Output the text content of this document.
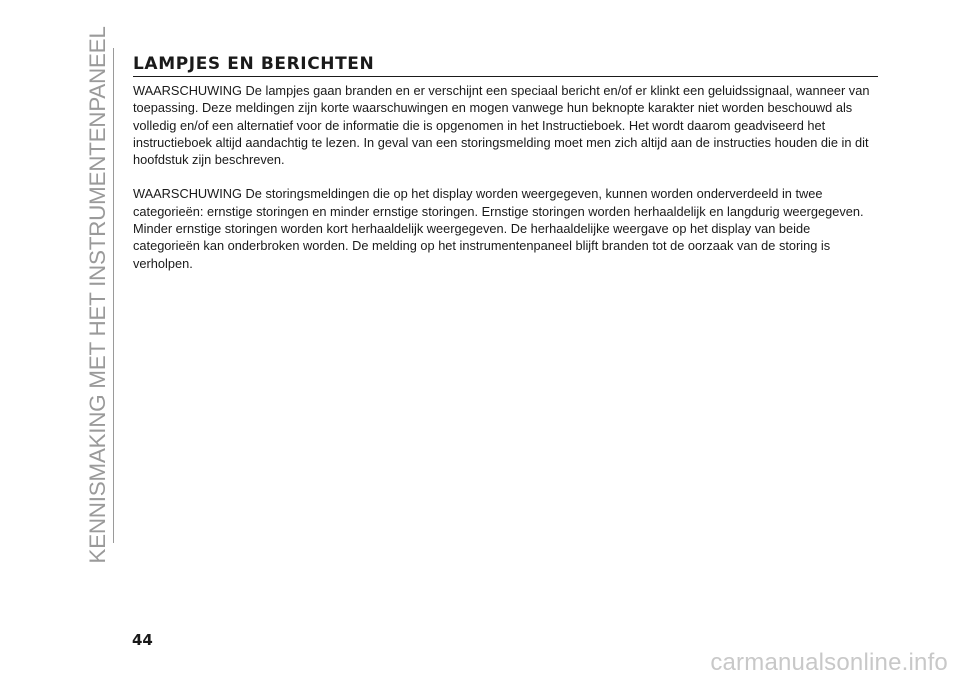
KENNISMAKING MET HET INSTRUMENTENPANEEL LAMPJES EN BERICHTEN

WAARSCHUWING De lampjes gaan branden en er verschijnt een speciaal bericht en/of er klinkt een geluidssignaal, wanneer van toepassing. Deze meldingen zijn korte waarschuwingen en mogen vanwege hun beknopte karakter niet worden beschouwd als volledig en/of een alternatief voor de informatie die is opgenomen in het Instructieboek. Het wordt daarom geadviseerd het instructieboek altijd aandachtig te lezen. In geval van een storingsmelding moet men zich altijd aan de instructies houden die in dit hoofdstuk zijn beschreven.

WAARSCHUWING De storingsmeldingen die op het display worden weergegeven, kunnen worden onderverdeeld in twee categorieën: ernstige storingen en minder ernstige storingen. Ernstige storingen worden herhaaldelijk en langdurig weergegeven. Minder ernstige storingen worden kort herhaaldelijk weergegeven. De herhaaldelijke weergave op het display van beide categorieën kan onderbroken worden. De melding op het instrumentenpaneel blijft branden tot de oorzaak van de storing is verholpen.

44
carmanualsonline.info
